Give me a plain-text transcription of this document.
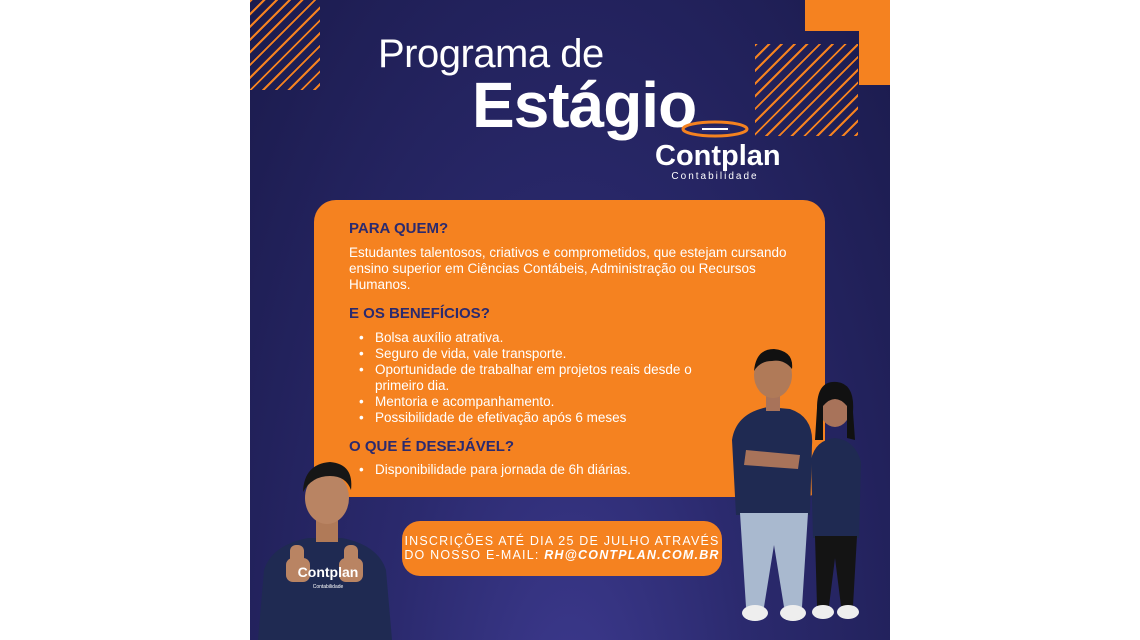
Programa de
Estágio
Contplan
Contabilidade
PARA QUEM?

Estudantes talentosos, criativos e comprometidos, que estejam cursando ensino superior em Ciências Contábeis, Administração ou Recursos Humanos.

E OS BENEFÍCIOS?
• Bolsa auxílio atrativa.
• Seguro de vida, vale transporte.
• Oportunidade de trabalhar em projetos reais desde o primeiro dia.
• Mentoria e acompanhamento.
• Possibilidade de efetivação após 6 meses
O QUE É DESEJÁVEL?
• Disponibilidade para jornada de 6h diárias.
INSCRIÇÕES ATÉ DIA 25 DE JULHO ATRAVÉS
DO NOSSO E-MAIL: RH@CONTPLAN.COM.BR
Contplan
Contabilidade
